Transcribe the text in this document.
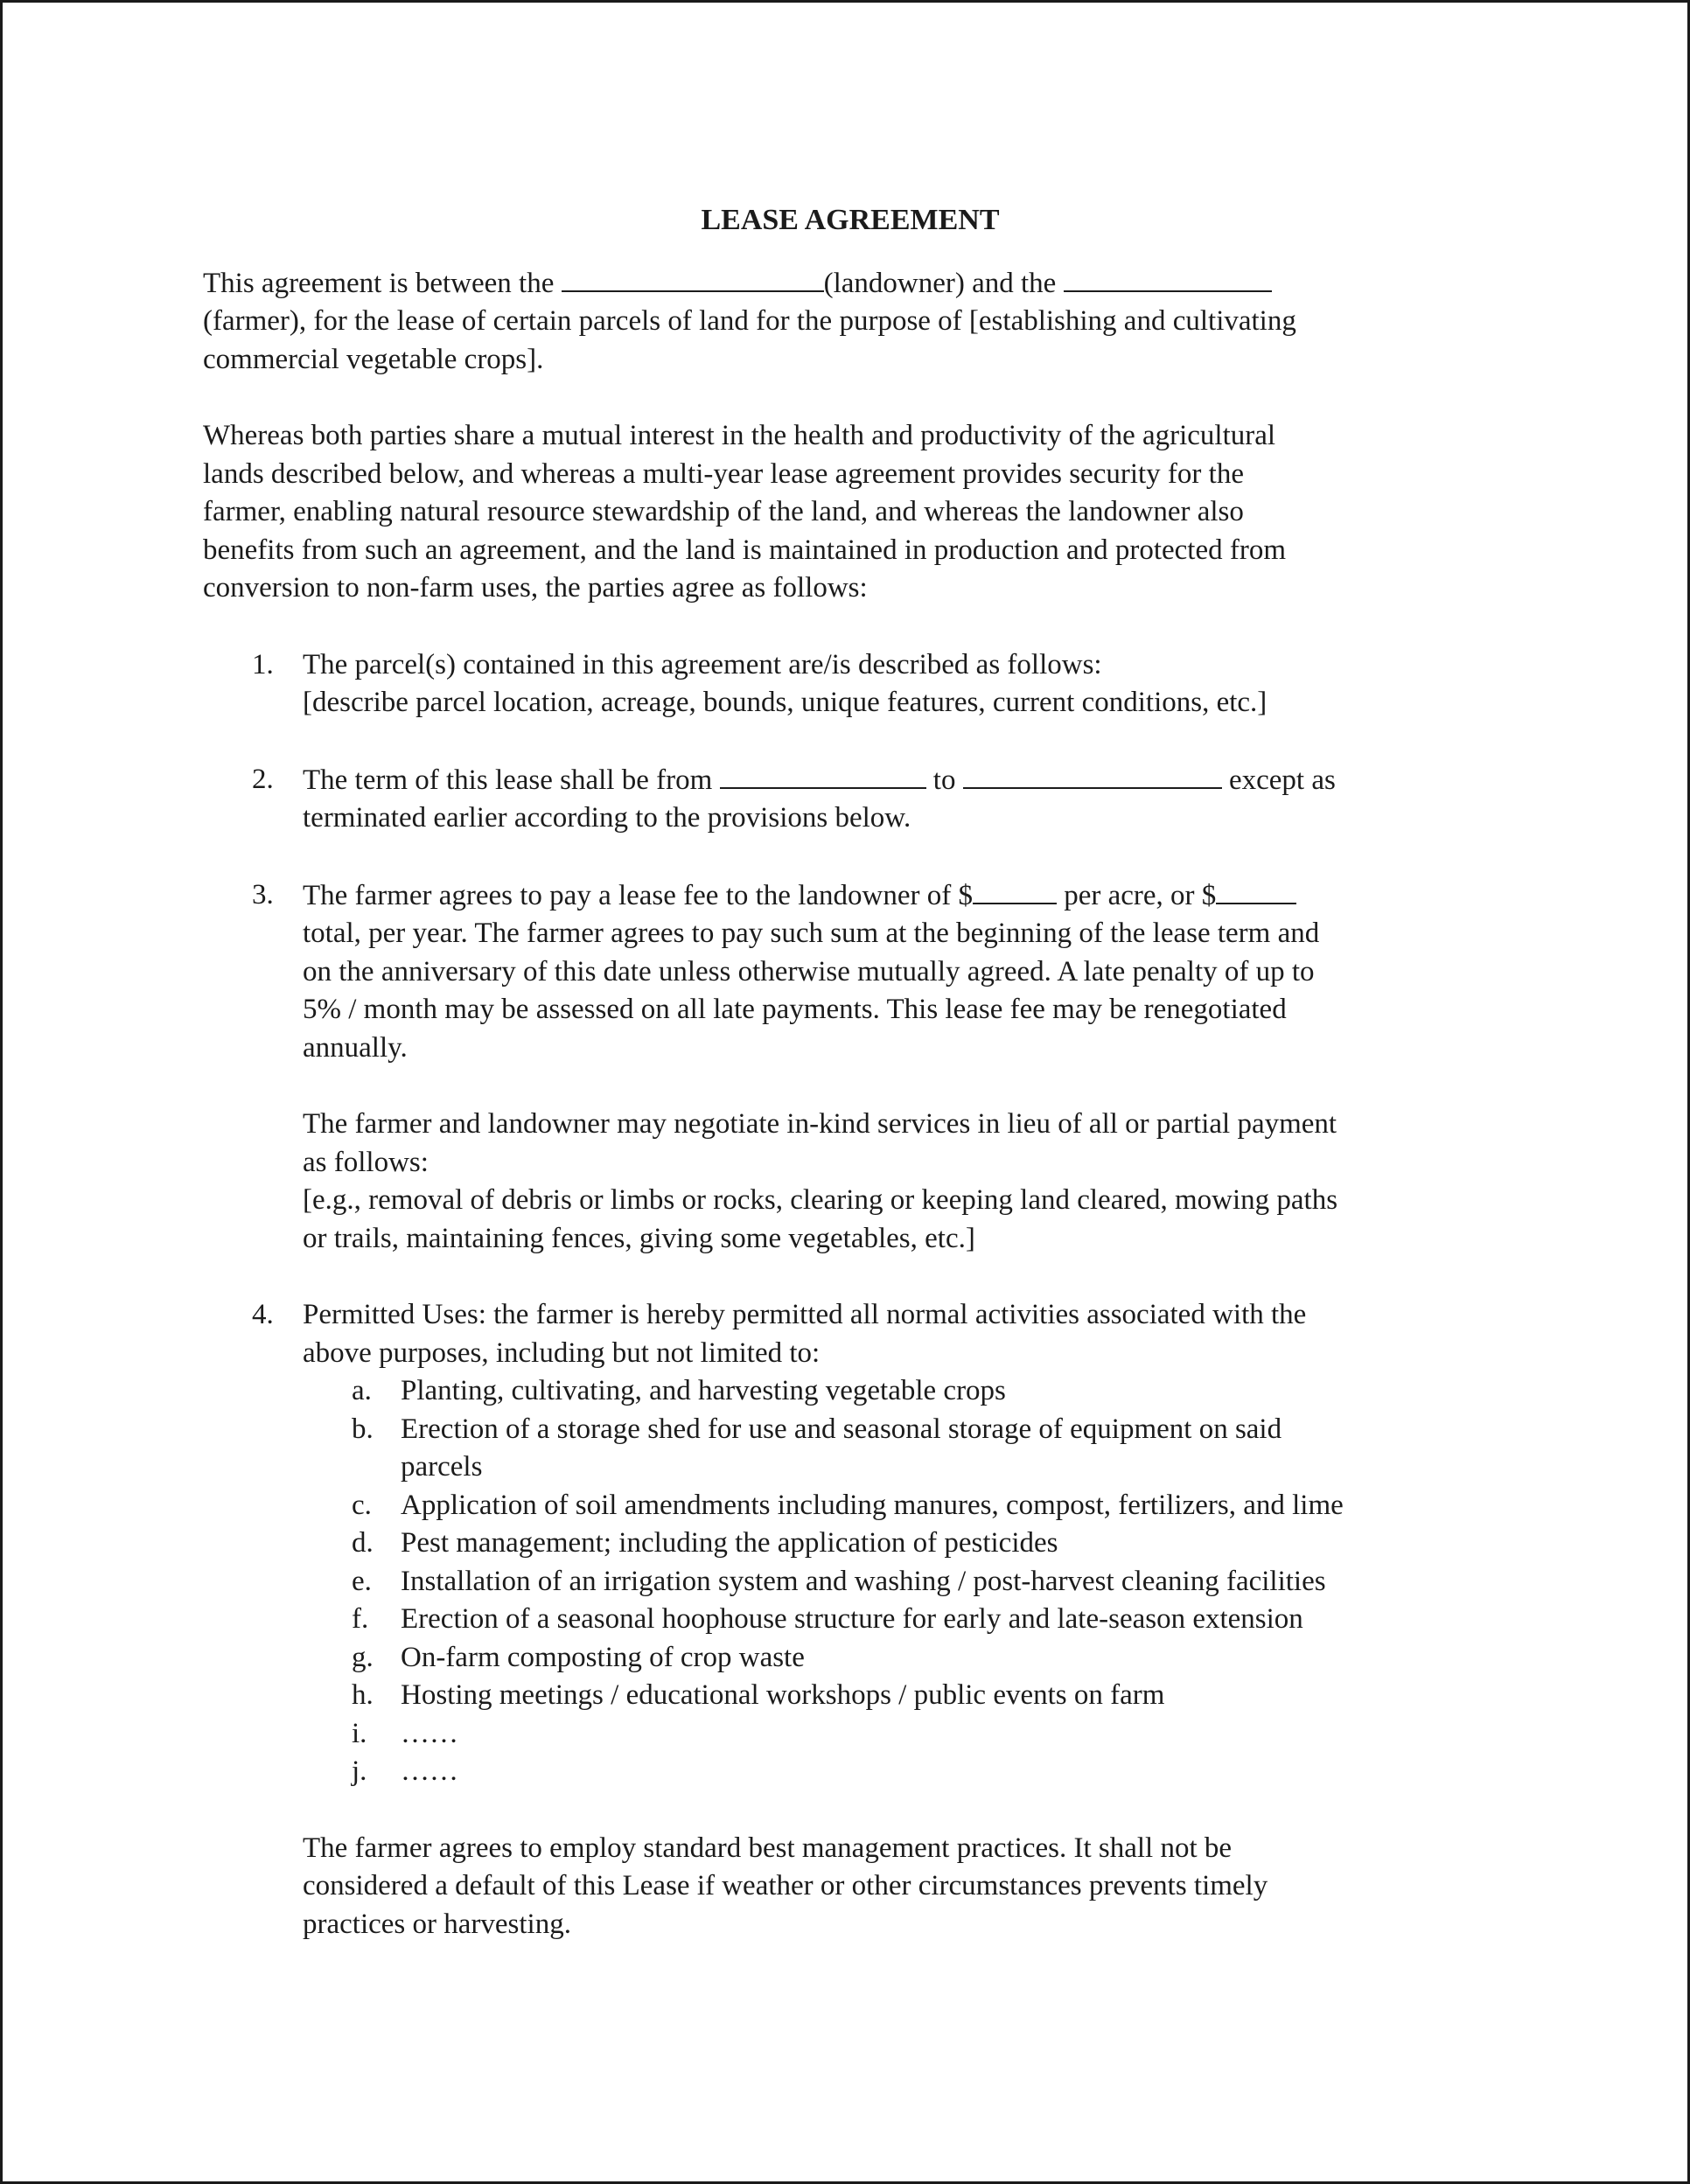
LEASE AGREEMENT
This agreement is between the	(landowner) and the
(farmer), for the lease of certain parcels of land for the purpose of [establishing and cultivating
commercial vegetable crops].
Whereas both parties share a mutual interest in the health and productivity of the agricultural
lands described below, and whereas a multi-year lease agreement provides security for the
farmer, enabling natural resource stewardship of the land, and whereas the landowner also
benefits from such an agreement, and the land is maintained in production and protected from
conversion to non-farm uses, the parties agree as follows:
1. The parcel(s) contained in this agreement are/is described as follows:
[describe parcel location, acreage, bounds, unique features, current conditions, etc.]
2. The term of this lease shall be from	to	except as
terminated earlier according to the provisions below.
3. The farmer agrees to pay a lease fee to the landowner of $	per acre, or $
total, per year. The farmer agrees to pay such sum at the beginning of the lease term and
on the anniversary of this date unless otherwise mutually agreed. A late penalty of up to
5% / month may be assessed on all late payments. This lease fee may be renegotiated
annually.
The farmer and landowner may negotiate in-kind services in lieu of all or partial payment
as follows:
[e.g., removal of debris or limbs or rocks, clearing or keeping land cleared, mowing paths
or trails, maintaining fences, giving some vegetables, etc.]
4. Permitted Uses: the farmer is hereby permitted all normal activities associated with the
above purposes, including but not limited to:
a. Planting, cultivating, and harvesting vegetable crops
b. Erection of a storage shed for use and seasonal storage of equipment on said
parcels
c. Application of soil amendments including manures, compost, fertilizers, and lime
d. Pest management; including the application of pesticides
e. Installation of an irrigation system and washing / post-harvest cleaning facilities
f. Erection of a seasonal hoophouse structure for early and late-season extension
g. On-farm composting of crop waste
h. Hosting meetings / educational workshops / public events on farm
i. ……
j. ……
The farmer agrees to employ standard best management practices. It shall not be
considered a default of this Lease if weather or other circumstances prevents timely
practices or harvesting.
